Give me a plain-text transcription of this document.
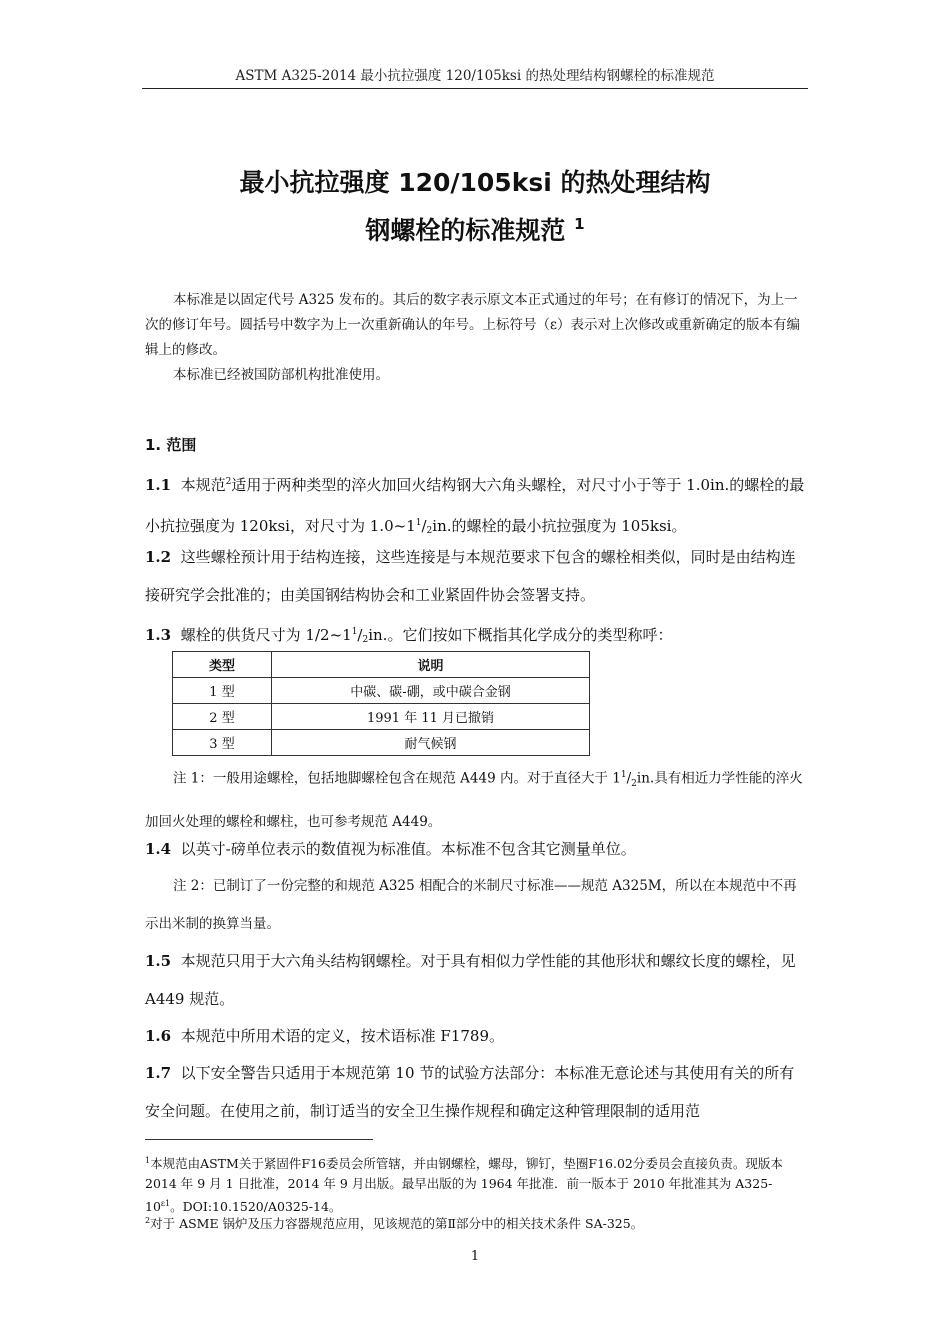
ASTM A325-2014 最小抗拉强度 120/105ksi 的热处理结构钢螺栓的标准规范
最小抗拉强度 120/105ksi 的热处理结构
钢螺栓的标准规范 $^1$
本标准是以固定代号 A325 发布的。其后的数字表示原文本正式通过的年号；在有修订的情况下，为上一次的修订年号。圆括号中数字为上一次重新确认的年号。上标符号（ε）表示对上次修改或重新确定的版本有编辑上的修改。
本标准已经被国防部机构批准使用。
1. 范围
1.1 本规范$^2$适用于两种类型的淬火加回火结构钢大六角头螺栓，对尺寸小于等于 1.0in.的螺栓的最小抗拉强度为 120ksi，对尺寸为 $1.0\sim 1^1/_2in$.的螺栓的最小抗拉强度为 105ksi。
1.2 这些螺栓预计用于结构连接，这些连接是与本规范要求下包含的螺栓相类似，同时是由结构连接研究学会批准的；由美国钢结构协会和工业紧固件协会签署支持。
1.3 螺栓的供货尺寸为 $1/2\sim 1^1/_2in$.。它们按如下概指其化学成分的类型称呼：
类型	说明
1 型	中碳、碳-硼，或中碳合金钢
2 型	1991 年 11 月已撤销
3 型	耐气候钢
注 1：一般用途螺栓，包括地脚螺栓包含在规范 A449 内。对于直径大于 $1^1/_2in$.具有相近力学性能的淬火加回火处理的螺栓和螺柱，也可参考规范 A449。
1.4 以英寸-磅单位表示的数值视为标准值。本标准不包含其它测量单位。
注 2：已制订了一份完整的和规范 A325 相配合的米制尺寸标准——规范 A325M，所以在本规范中不再示出米制的换算当量。
1.5 本规范只用于大六角头结构钢螺栓。对于具有相似力学性能的其他形状和螺纹长度的螺栓，见 A449 规范。
1.6 本规范中所用术语的定义，按术语标准 F1789。
1.7 以下安全警告只适用于本规范第 10 节的试验方法部分：本标准无意论述与其使用有关的所有安全问题。在使用之前，制订适当的安全卫生操作规程和确定这种管理限制的适用范
$^1$本规范由ASTM关于紧固件F16委员会所管辖，并由钢螺栓，螺母，铆钉，垫圈F16.02分委员会直接负责。现版本 2014 年 9 月 1 日批准，2014 年 9 月出版。最早出版的为 1964 年批准．前一版本于 2010 年批准其为 $A325-10^{\varepsilon 1}$。DOI:10.1520/A0325-14。
$^2$对于 ASME 锅炉及压力容器规范应用，见该规范的第Ⅱ部分中的相关技术条件 SA-325。
1
